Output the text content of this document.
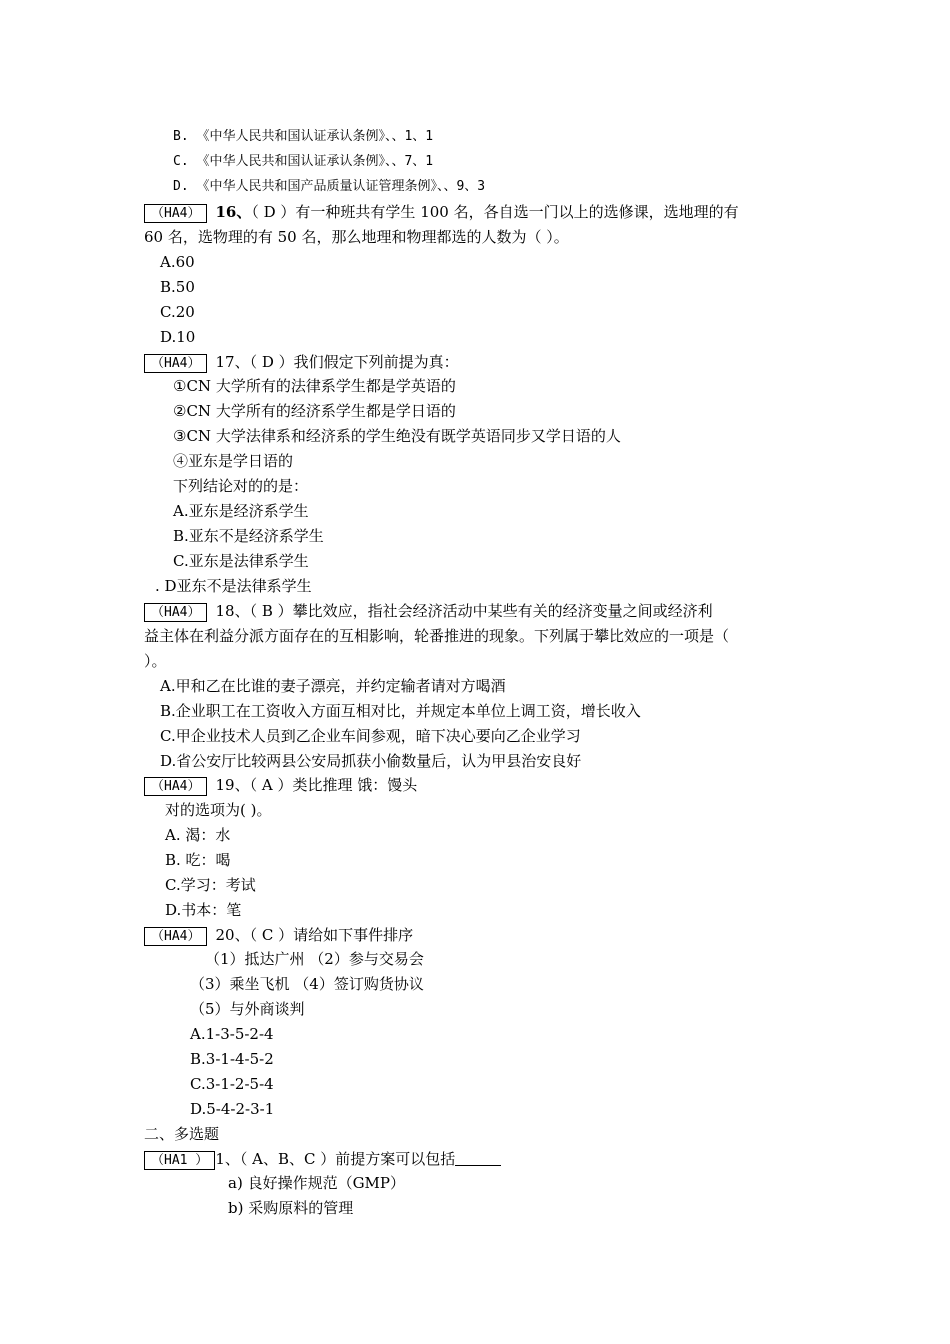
B. 《中华人民共和国认证承认条例》、、1、1
C. 《中华人民共和国认证承认条例》、、7、1
D. 《中华人民共和国产品质量认证管理条例》、、9、3
（HA4） 16、（ D ）有一种班共有学生 100 名，各自选一门以上的选修课，选地理的有
60 名，选物理的有 50 名，那么地理和物理都选的人数为（ ）。
A.60
B.50
C.20
D.10
（HA4） 17、（ D ）我们假定下列前提为真：
①CN 大学所有的法律系学生都是学英语的
②CN 大学所有的经济系学生都是学日语的
③CN 大学法律系和经济系的学生绝没有既学英语同步又学日语的人
④亚东是学日语的
下列结论对的的是：
A.亚东是经济系学生
B.亚东不是经济系学生
C.亚东是法律系学生
. D亚东不是法律系学生
（HA4） 18、（ B ）攀比效应，指社会经济活动中某些有关的经济变量之间或经济利
益主体在利益分派方面存在的互相影响，轮番推进的现象。下列属于攀比效应的一项是（
）。
A.甲和乙在比谁的妻子漂亮，并约定输者请对方喝酒
B.企业职工在工资收入方面互相对比，并规定本单位上调工资，增长收入
C.甲企业技术人员到乙企业车间参观，暗下决心要向乙企业学习
D.省公安厅比较两县公安局抓获小偷数量后，认为甲县治安良好
（HA4） 19、（ A ）类比推理 饿：馒头
对的选项为( )。
A. 渴：水
B. 吃：喝
C.学习：考试
D.书本：笔
（HA4） 20、（ C ）请给如下事件排序
（1）抵达广州 （2）参与交易会
（3）乘坐飞机 （4）签订购货协议
（5）与外商谈判
A.1-3-5-2-4
B.3-1-4-5-2
C.3-1-2-5-4
D.5-4-2-3-1
二、多选题
（HA1 ） 1、（ A、B、C ）前提方案可以包括
a) 良好操作规范（GMP）
b) 采购原料的管理
